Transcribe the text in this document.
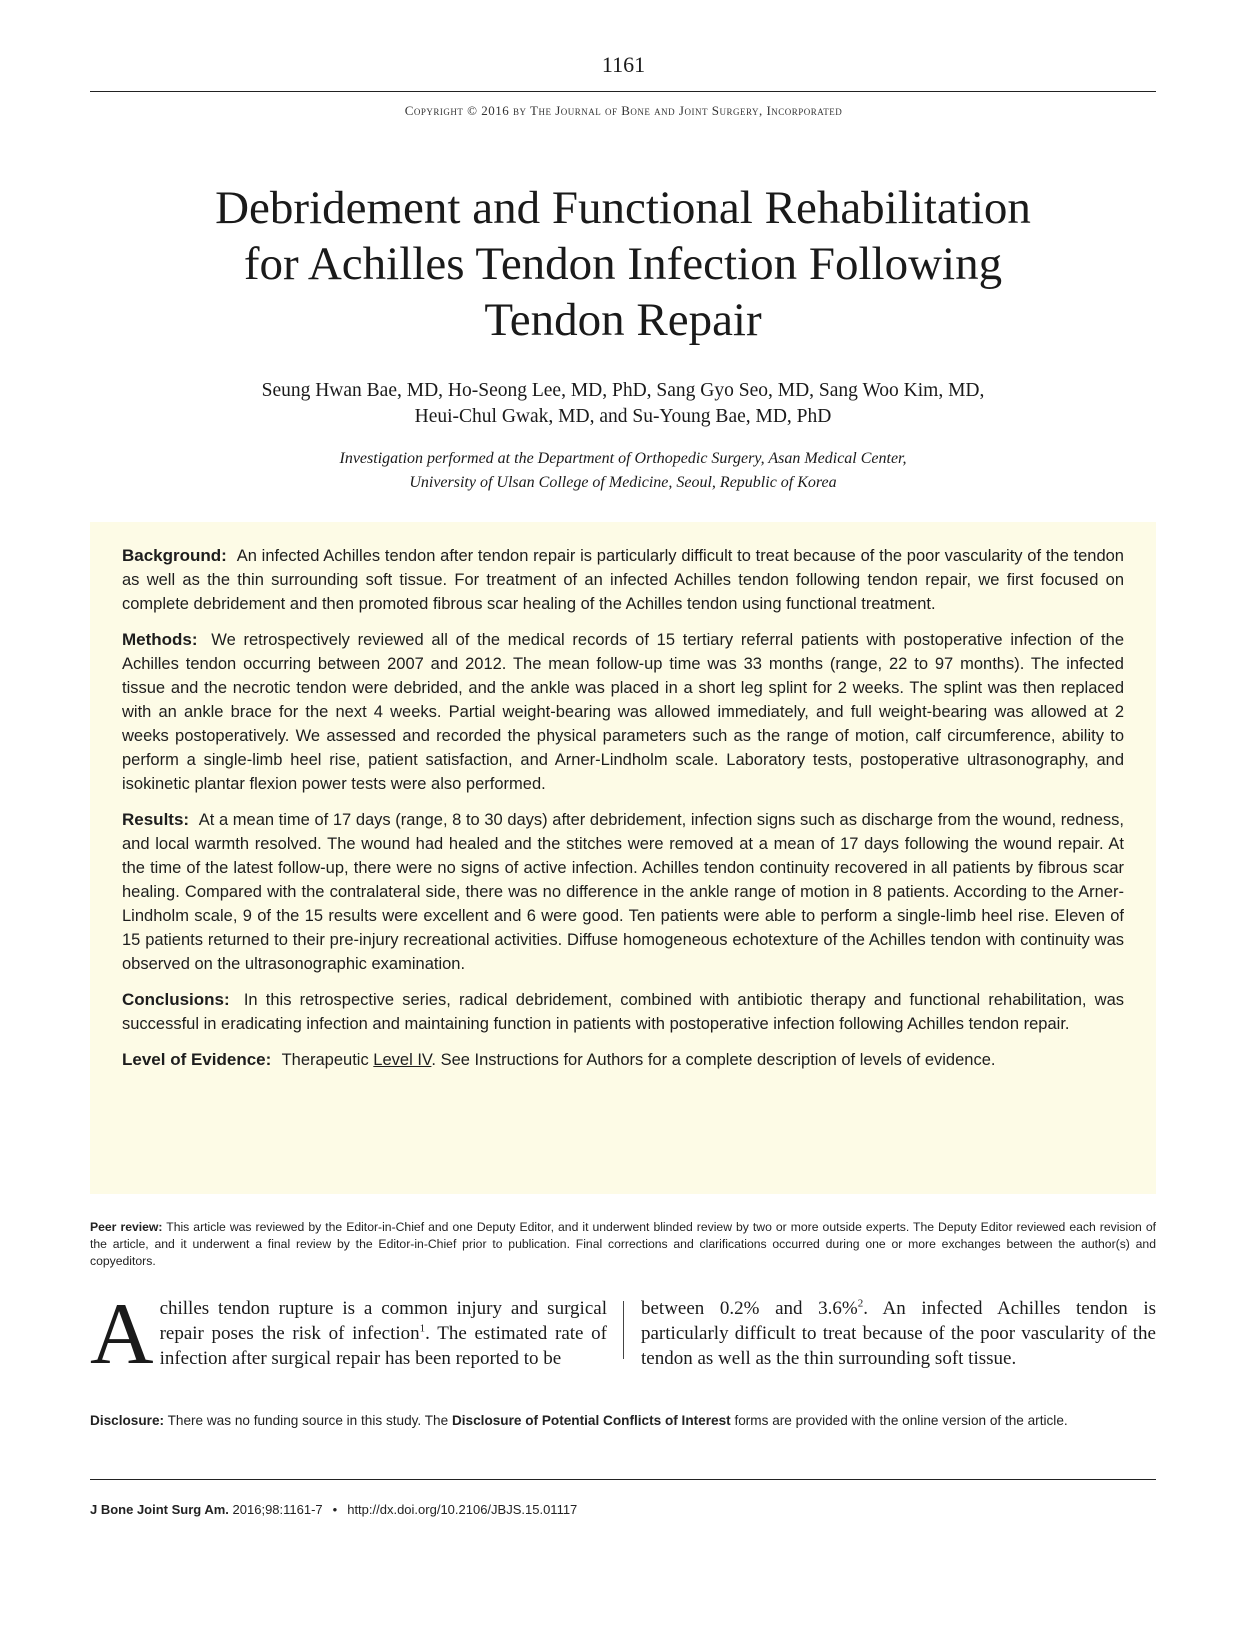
1161
Copyright © 2016 by The Journal of Bone and Joint Surgery, Incorporated
Debridement and Functional Rehabilitation
for Achilles Tendon Infection Following
Tendon Repair
Seung Hwan Bae, MD, Ho-Seong Lee, MD, PhD, Sang Gyo Seo, MD, Sang Woo Kim, MD,
Heui-Chul Gwak, MD, and Su-Young Bae, MD, PhD
Investigation performed at the Department of Orthopedic Surgery, Asan Medical Center,
University of Ulsan College of Medicine, Seoul, Republic of Korea

Background: An infected Achilles tendon after tendon repair is particularly difficult to treat because of the poor vascularity of the tendon as well as the thin surrounding soft tissue. For treatment of an infected Achilles tendon following tendon repair, we first focused on complete debridement and then promoted fibrous scar healing of the Achilles tendon using functional treatment.

Methods: We retrospectively reviewed all of the medical records of 15 tertiary referral patients with postoperative infection of the Achilles tendon occurring between 2007 and 2012. The mean follow-up time was 33 months (range, 22 to 97 months). The infected tissue and the necrotic tendon were debrided, and the ankle was placed in a short leg splint for 2 weeks. The splint was then replaced with an ankle brace for the next 4 weeks. Partial weight-bearing was allowed immediately, and full weight-bearing was allowed at 2 weeks postoperatively. We assessed and recorded the physical parameters such as the range of motion, calf circumference, ability to perform a single-limb heel rise, patient satisfaction, and Arner-Lindholm scale. Laboratory tests, postoperative ultrasonography, and isokinetic plantar flexion power tests were also performed.

Results: At a mean time of 17 days (range, 8 to 30 days) after debridement, infection signs such as discharge from the wound, redness, and local warmth resolved. The wound had healed and the stitches were removed at a mean of 17 days following the wound repair. At the time of the latest follow-up, there were no signs of active infection. Achilles tendon continuity recovered in all patients by fibrous scar healing. Compared with the contralateral side, there was no difference in the ankle range of motion in 8 patients. According to the Arner-Lindholm scale, 9 of the 15 results were excellent and 6 were good. Ten patients were able to perform a single-limb heel rise. Eleven of 15 patients returned to their pre-injury recreational activities. Diffuse homogeneous echotexture of the Achilles tendon with continuity was observed on the ultrasonographic examination.

Conclusions: In this retrospective series, radical debridement, combined with antibiotic therapy and functional rehabilitation, was successful in eradicating infection and maintaining function in patients with postoperative infection following Achilles tendon repair.

Level of Evidence: Therapeutic Level IV. See Instructions for Authors for a complete description of levels of evidence.

Peer review: This article was reviewed by the Editor-in-Chief and one Deputy Editor, and it underwent blinded review by two or more outside experts. The Deputy Editor reviewed each revision of the article, and it underwent a final review by the Editor-in-Chief prior to publication. Final corrections and clarifications occurred during one or more exchanges between the author(s) and copyeditors.
Achilles tendon rupture is a common injury and surgical repair poses the risk of infection$^1$. The estimated rate of infection after surgical repair has been reported to be
between 0.2% and 3.6%$^2$. An infected Achilles tendon is particularly difficult to treat because of the poor vascularity of the tendon as well as the thin surrounding soft tissue.
Disclosure: There was no funding source in this study. The Disclosure of Potential Conflicts of Interest forms are provided with the online version of the article.
J Bone Joint Surg Am. 2016;98:1161-7 • http://dx.doi.org/10.2106/JBJS.15.01117
